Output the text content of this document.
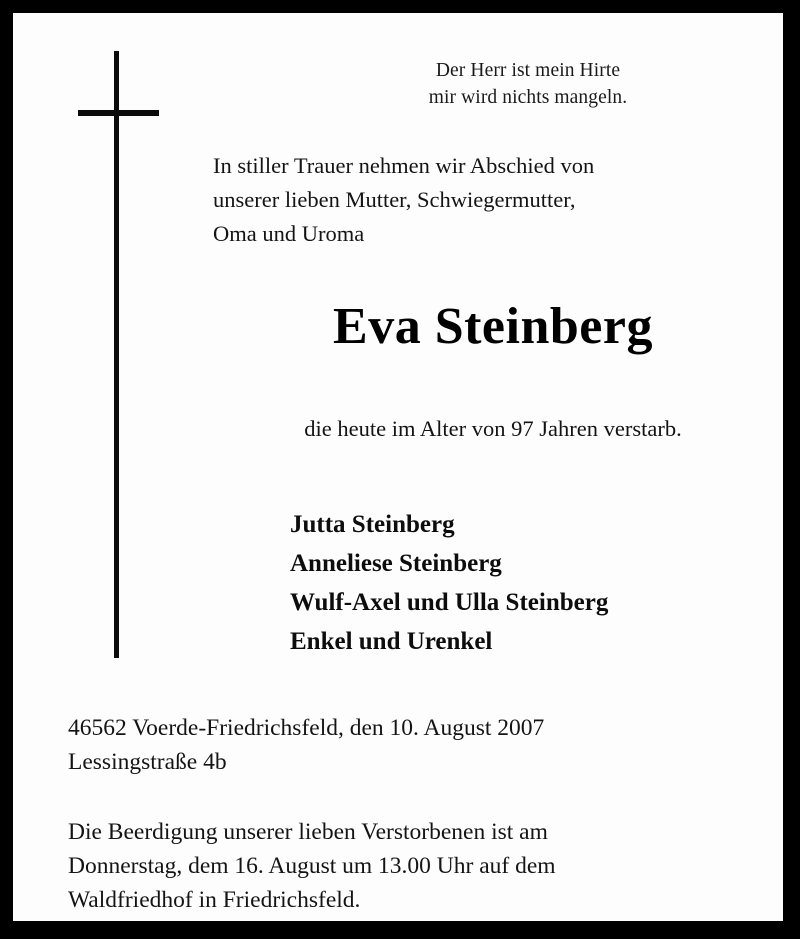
Der Herr ist mein Hirte
mir wird nichts mangeln.
In stiller Trauer nehmen wir Abschied von
unserer lieben Mutter, Schwiegermutter,
Oma und Uroma
Eva Steinberg
die heute im Alter von 97 Jahren verstarb.
Jutta Steinberg
Anneliese Steinberg
Wulf-Axel und Ulla Steinberg
Enkel und Urenkel
46562 Voerde-Friedrichsfeld, den 10. August 2007
Lessingstraße 4b
Die Beerdigung unserer lieben Verstorbenen ist am
Donnerstag, dem 16. August um 13.00 Uhr auf dem
Waldfriedhof in Friedrichsfeld.
